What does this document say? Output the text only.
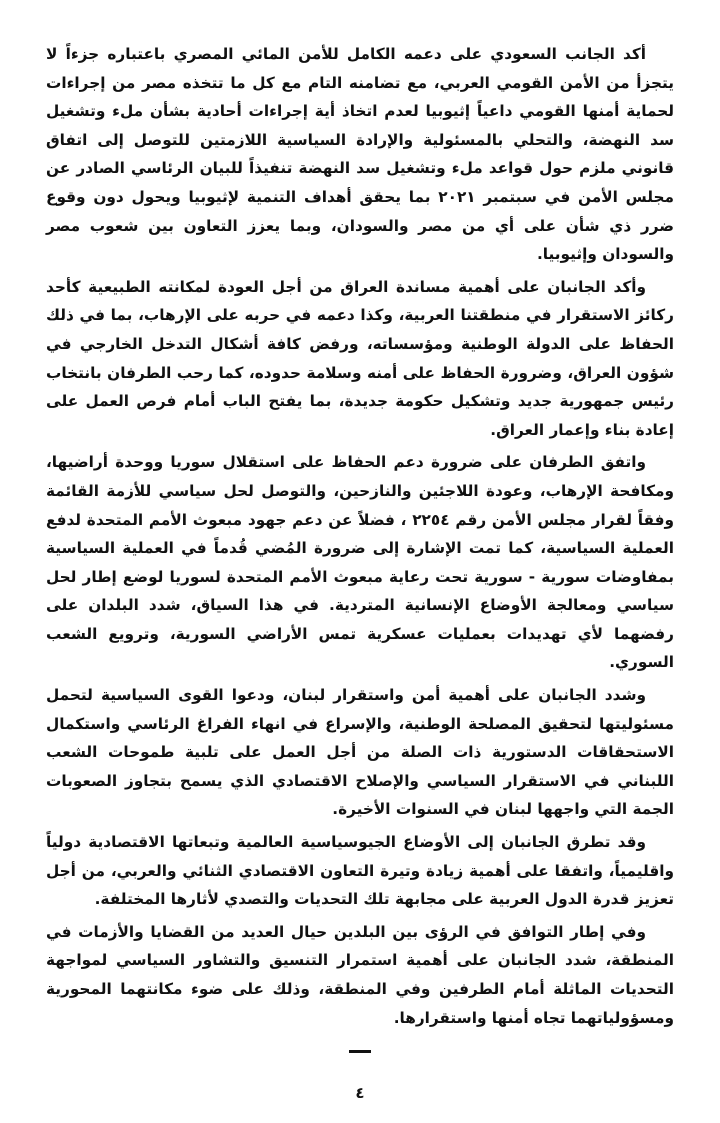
أكد الجانب السعودي على دعمه الكامل للأمن المائي المصري باعتباره جزءاً لا يتجزأ من الأمن القومي العربي، مع تضامنه التام مع كل ما تتخذه مصر من إجراءات لحماية أمنها القومي داعياً إثيوبيا لعدم اتخاذ أية إجراءات أحادية بشأن ملء وتشغيل سد النهضة، والتحلي بالمسئولية والإرادة السياسية اللازمتين للتوصل إلى اتفاق قانوني ملزم حول قواعد ملء وتشغيل سد النهضة تنفيذاً للبيان الرئاسي الصادر عن مجلس الأمن في سبتمبر ٢٠٢١ بما يحقق أهداف التنمية لإثيوبيا ويحول دون وقوع ضرر ذي شأن على أي من مصر والسودان، وبما يعزز التعاون بين شعوب مصر والسودان وإثيوبيا.

وأكد الجانبان على أهمية مساندة العراق من أجل العودة لمكانته الطبيعية كأحد ركائز الاستقرار في منطقتنا العربية، وكذا دعمه في حربه على الإرهاب، بما في ذلك الحفاظ على الدولة الوطنية ومؤسساته، ورفض كافة أشكال التدخل الخارجي في شؤون العراق، وضرورة الحفاظ على أمنه وسلامة حدوده، كما رحب الطرفان بانتخاب رئيس جمهورية جديد وتشكيل حكومة جديدة، بما يفتح الباب أمام فرص العمل على إعادة بناء وإعمار العراق.

واتفق الطرفان على ضرورة دعم الحفاظ على استقلال سوريا ووحدة أراضيها، ومكافحة الإرهاب، وعودة اللاجئين والنازحين، والتوصل لحل سياسي للأزمة القائمة وفقاً لقرار مجلس الأمن رقم ٢٢٥٤ ، فضلاً عن دعم جهود مبعوث الأمم المتحدة لدفع العملية السياسية، كما تمت الإشارة إلى ضرورة المُضي قُدماً في العملية السياسية بمفاوضات سورية - سورية تحت رعاية مبعوث الأمم المتحدة لسوريا لوضع إطار لحل سياسي ومعالجة الأوضاع الإنسانية المتردية. في هذا السياق، شدد البلدان على رفضهما لأي تهديدات بعمليات عسكرية تمس الأراضي السورية، وترويع الشعب السوري.

وشدد الجانبان على أهمية أمن واستقرار لبنان، ودعوا القوى السياسية لتحمل مسئوليتها لتحقيق المصلحة الوطنية، والإسراع في انهاء الفراغ الرئاسي واستكمال الاستحقاقات الدستورية ذات الصلة من أجل العمل على تلبية طموحات الشعب اللبناني في الاستقرار السياسي والإصلاح الاقتصادي الذي يسمح بتجاوز الصعوبات الجمة التي واجهها لبنان في السنوات الأخيرة.

وقد تطرق الجانبان إلى الأوضاع الجيوسياسية العالمية وتبعاتها الاقتصادية دولياً واقليمياً، واتفقا على أهمية زيادة وتيرة التعاون الاقتصادي الثنائي والعربي، من أجل تعزيز قدرة الدول العربية على مجابهة تلك التحديات والتصدي لأثارها المختلفة.

وفي إطار التوافق في الرؤى بين البلدين حيال العديد من القضايا والأزمات في المنطقة، شدد الجانبان على أهمية استمرار التنسيق والتشاور السياسي لمواجهة التحديات الماثلة أمام الطرفين وفي المنطقة، وذلك على ضوء مكانتهما المحورية ومسؤولياتهما تجاه أمنها واستقرارها.

٤
